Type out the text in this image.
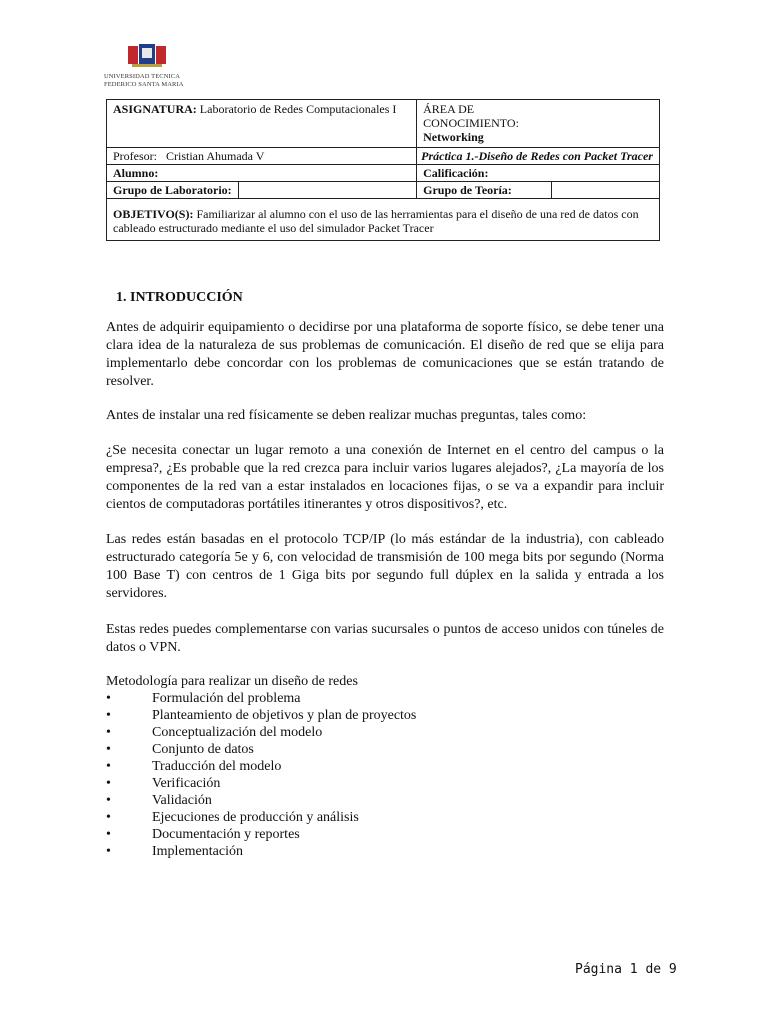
UNIVERSIDAD TECNICA
FEDERICO SANTA MARIA
ASIGNATURA: Laboratorio de Redes Computacionales I		ÁREA DE
CONOCIMIENTO:
Networking	

Profesor: Cristian Ahumada V		Práctica 1.-Diseño de Redes con Packet Tracer	
Alumno:		Calificación:	
Grupo de Laboratorio:		Grupo de Teoría:	
OBJETIVO(S): Familiarizar al alumno con el uso de las herramientas para el diseño de una red de datos con cableado estructurado mediante el uso del simulador Packet Tracer			
1. INTRODUCCIÓN
Antes de adquirir equipamiento o decidirse por una plataforma de soporte físico, se debe tener una clara idea de la naturaleza de sus problemas de comunicación. El diseño de red que se elija para implementarlo debe concordar con los problemas de comunicaciones que se están tratando de resolver.
Antes de instalar una red físicamente se deben realizar muchas preguntas, tales como:
¿Se necesita conectar un lugar remoto a una conexión de Internet en el centro del campus o la empresa?, ¿Es probable que la red crezca para incluir varios lugares alejados?, ¿La mayoría de los componentes de la red van a estar instalados en locaciones fijas, o se va a expandir para incluir cientos de computadoras portátiles itinerantes y otros dispositivos?, etc.
Las redes están basadas en el protocolo TCP/IP (lo más estándar de la industria), con cableado estructurado categoría 5e y 6, con velocidad de transmisión de 100 mega bits por segundo (Norma 100 Base T) con centros de 1 Giga bits por segundo full dúplex en la salida y entrada a los servidores.
Estas redes puedes complementarse con varias sucursales o puntos de acceso unidos con túneles de datos o VPN.
Metodología para realizar un diseño de redes
•	Formulación del problema
•	Planteamiento de objetivos y plan de proyectos
•	Conceptualización del modelo
•	Conjunto de datos
•	Traducción del modelo
•	Verificación
•	Validación
•	Ejecuciones de producción y análisis
•	Documentación y reportes
•	Implementación
Página 1 de 9
